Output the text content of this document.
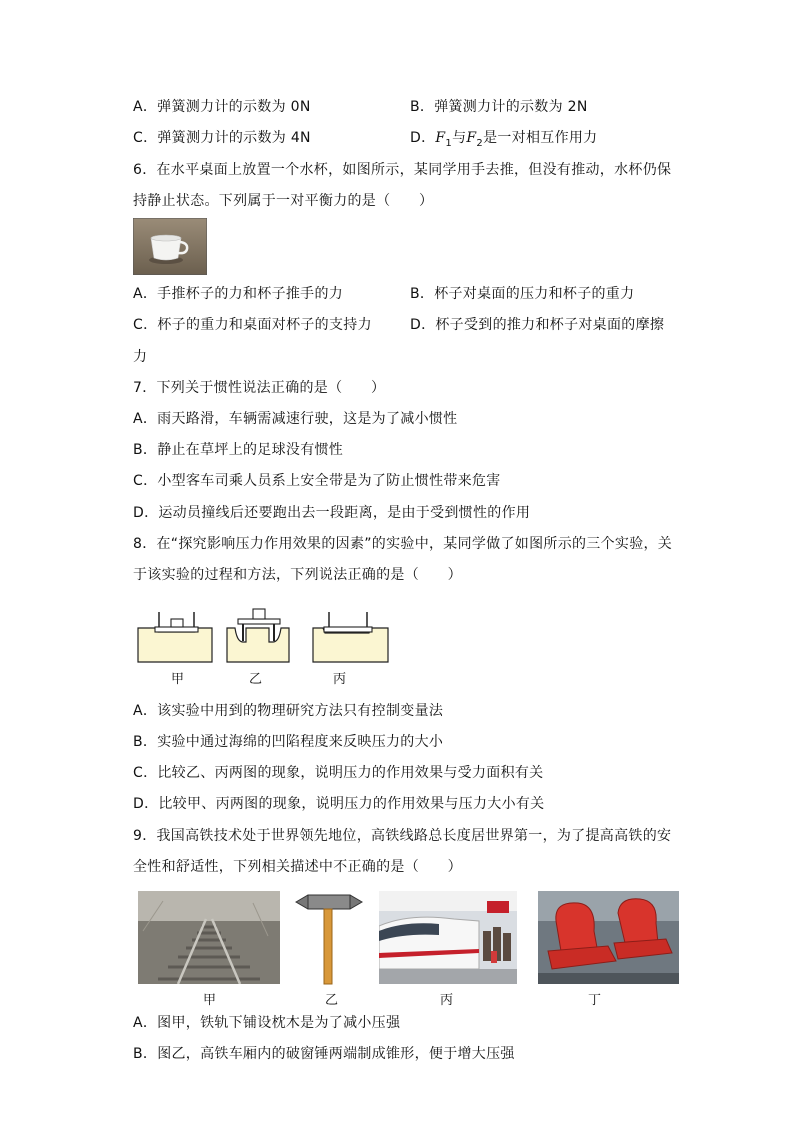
A．弹簧测力计的示数为 0N	B．弹簧测力计的示数为 2N
C．弹簧测力计的示数为 4N	D．$F_1$与$F_2$是一对相互作用力
6．在水平桌面上放置一个水杯，如图所示，某同学用手去推，但没有推动，水杯仍保
持静止状态。下列属于一对平衡力的是（　　）
A．手推杯子的力和杯子推手的力	B．杯子对桌面的压力和杯子的重力
C．杯子的重力和桌面对杯子的支持力	D．杯子受到的推力和杯子对桌面的摩擦
力
7．下列关于惯性说法正确的是（　　）
A．雨天路滑，车辆需减速行驶，这是为了减小惯性
B．静止在草坪上的足球没有惯性
C．小型客车司乘人员系上安全带是为了防止惯性带来危害
D．运动员撞线后还要跑出去一段距离，是由于受到惯性的作用
8．在“探究影响压力作用效果的因素”的实验中，某同学做了如图所示的三个实验，关
于该实验的过程和方法，下列说法正确的是（　　）
甲	乙	丙
A．该实验中用到的物理研究方法只有控制变量法
B．实验中通过海绵的凹陷程度来反映压力的大小
C．比较乙、丙两图的现象，说明压力的作用效果与受力面积有关
D．比较甲、丙两图的现象，说明压力的作用效果与压力大小有关
9．我国高铁技术处于世界领先地位，高铁线路总长度居世界第一，为了提高高铁的安
全性和舒适性，下列相关描述中不正确的是（　　）
甲	乙	丙	丁
A．图甲，铁轨下铺设枕木是为了减小压强
B．图乙，高铁车厢内的破窗锤两端制成锥形，便于增大压强
